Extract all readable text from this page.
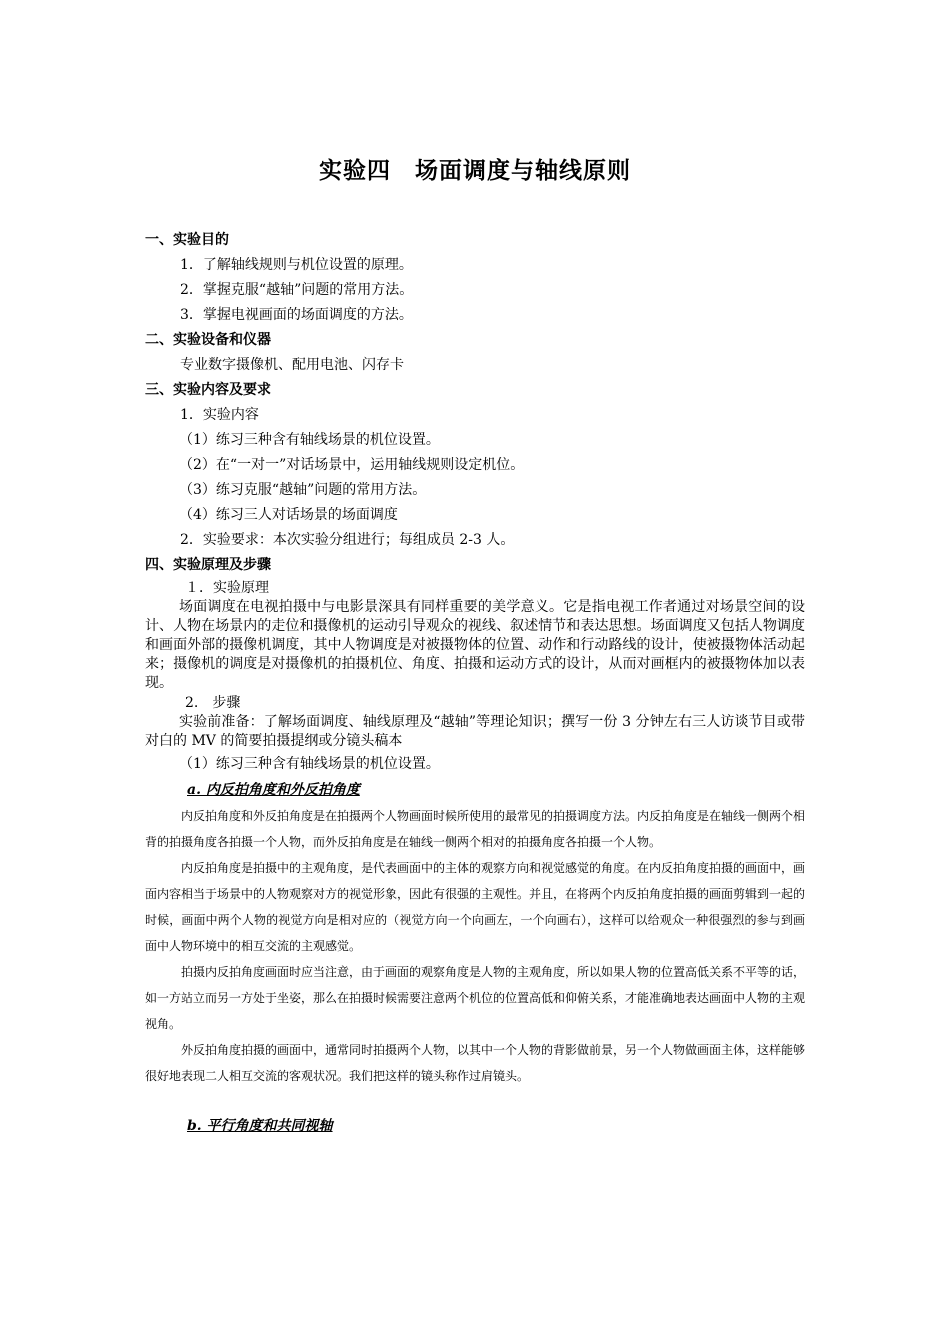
实验四　场面调度与轴线原则
一、实验目的
1．了解轴线规则与机位设置的原理。
2．掌握克服“越轴”问题的常用方法。
3．掌握电视画面的场面调度的方法。
二、实验设备和仪器
专业数字摄像机、配用电池、闪存卡
三、实验内容及要求
1．实验内容
（1）练习三种含有轴线场景的机位设置。
（2）在“一对一”对话场景中，运用轴线规则设定机位。
（3）练习克服“越轴”问题的常用方法。
（4）练习三人对话场景的场面调度
2．实验要求：本次实验分组进行；每组成员 2-3 人。
四、实验原理及步骤
１．实验原理

场面调度在电视拍摄中与电影景深具有同样重要的美学意义。它是指电视工作者通过对场景空间的设计、人物在场景内的走位和摄像机的运动引导观众的视线、叙述情节和表达思想。场面调度又包括人物调度和画面外部的摄像机调度，其中人物调度是对被摄物体的位置、动作和行动路线的设计，使被摄物体活动起来；摄像机的调度是对摄像机的拍摄机位、角度、拍摄和运动方式的设计，从而对画框内的被摄物体加以表现。

2.　步骤

实验前准备：了解场面调度、轴线原理及“越轴”等理论知识；撰写一份 3 分钟左右三人访谈节目或带对白的 MV 的简要拍摄提纲或分镜头稿本

（1）练习三种含有轴线场景的机位设置。
a. 内反拍角度和外反拍角度

内反拍角度和外反拍角度是在拍摄两个人物画面时候所使用的最常见的拍摄调度方法。内反拍角度是在轴线一侧两个相背的拍摄角度各拍摄一个人物，而外反拍角度是在轴线一侧两个相对的拍摄角度各拍摄一个人物。

内反拍角度是拍摄中的主观角度，是代表画面中的主体的观察方向和视觉感觉的角度。在内反拍角度拍摄的画面中，画面内容相当于场景中的人物观察对方的视觉形象，因此有很强的主观性。并且，在将两个内反拍角度拍摄的画面剪辑到一起的时候，画面中两个人物的视觉方向是相对应的（视觉方向一个向画左，一个向画右），这样可以给观众一种很强烈的参与到画面中人物环境中的相互交流的主观感觉。

拍摄内反拍角度画面时应当注意，由于画面的观察角度是人物的主观角度，所以如果人物的位置高低关系不平等的话，如一方站立而另一方处于坐姿，那么在拍摄时候需要注意两个机位的位置高低和仰俯关系，才能准确地表达画面中人物的主观视角。

外反拍角度拍摄的画面中，通常同时拍摄两个人物，以其中一个人物的背影做前景，另一个人物做画面主体，这样能够很好地表现二人相互交流的客观状况。我们把这样的镜头称作过肩镜头。

b. 平行角度和共同视轴
